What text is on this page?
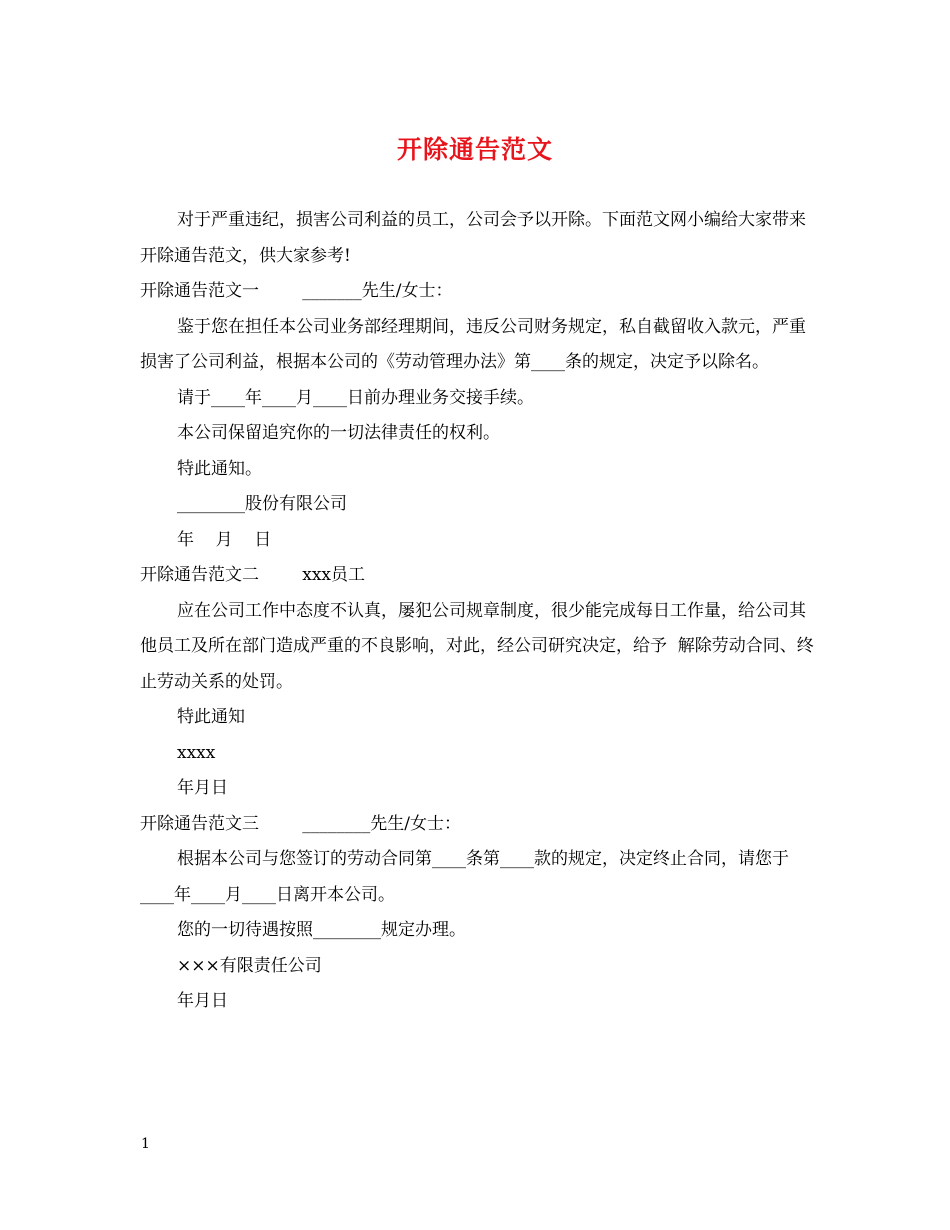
开除通告范文

对于严重违纪，损害公司利益的员工，公司会予以开除。下面范文网小编给大家带来开除通告范文，供大家参考!

开除通告范文一        _______先生/女士：

鉴于您在担任本公司业务部经理期间，违反公司财务规定，私自截留收入款元，严重损害了公司利益，根据本公司的《劳动管理办法》第____条的规定，决定予以除名。

请于____年____月____日前办理业务交接手续。

本公司保留追究你的一切法律责任的权利。

特此通知。

________股份有限公司

年    月    日

开除通告范文二        xxx员工

应在公司工作中态度不认真，屡犯公司规章制度，很少能完成每日工作量，给公司其他员工及所在部门造成严重的不良影响，对此，经公司研究决定，给予  解除劳动合同、终止劳动关系的处罚。

特此通知

xxxx

年月日

开除通告范文三        ________先生/女士：

根据本公司与您签订的劳动合同第____条第____款的规定，决定终止合同，请您于____年____月____日离开本公司。

您的一切待遇按照________规定办理。

×××有限责任公司

年月日

1
